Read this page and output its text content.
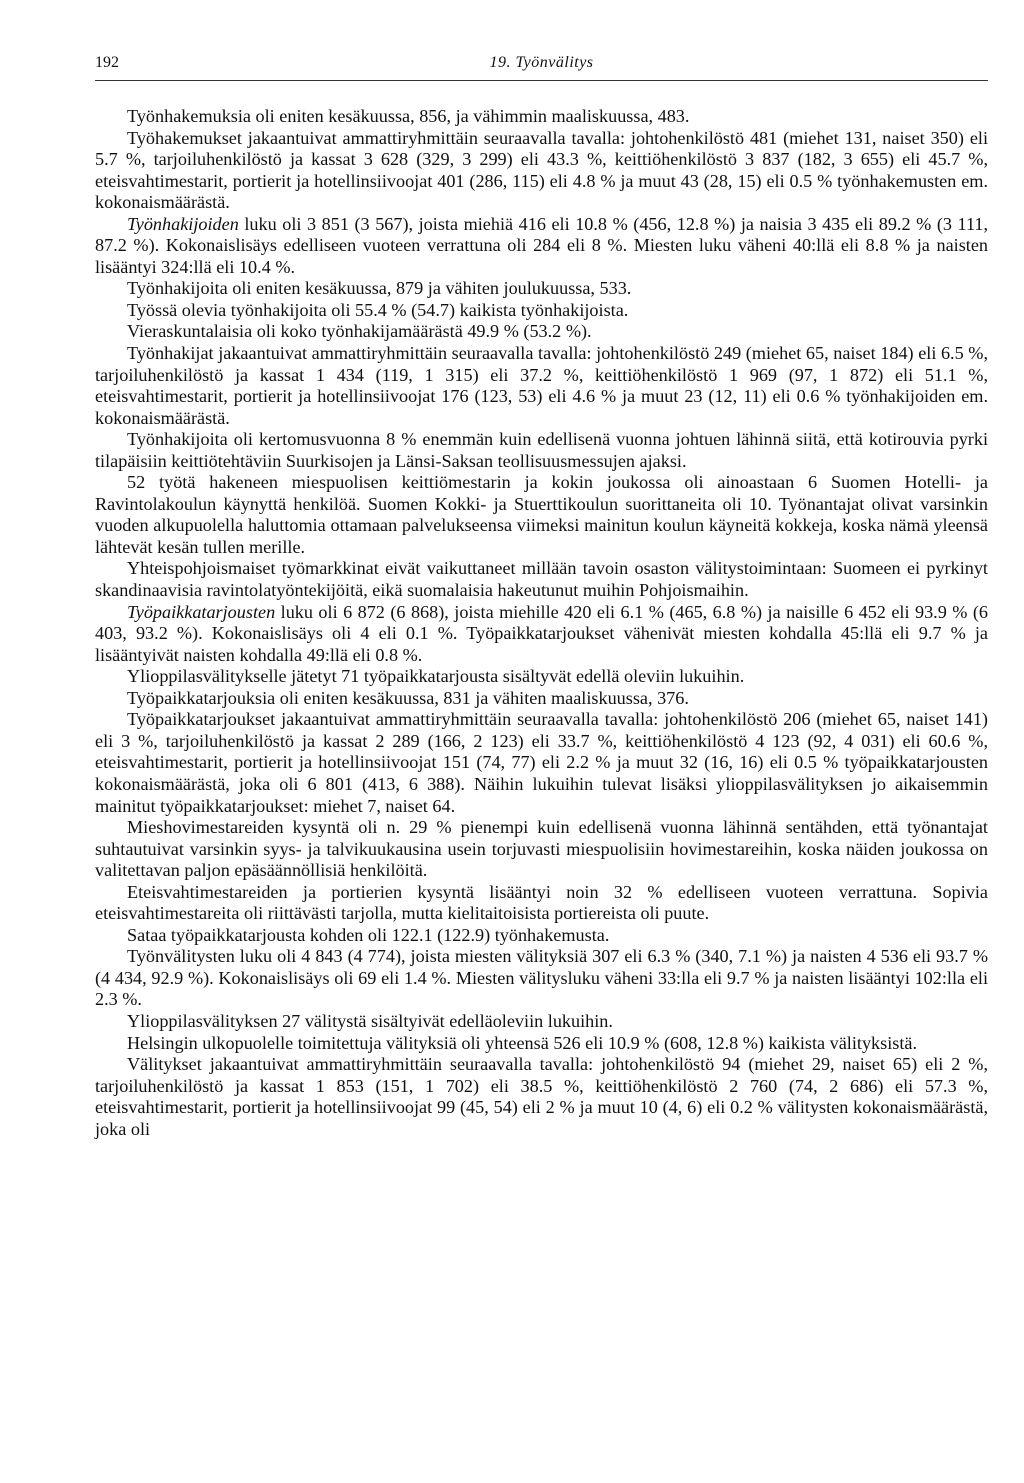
192	19. Työnvälitys

Työnhakemuksia oli eniten kesäkuussa, 856, ja vähimmin maaliskuussa, 483.

Työhakemukset jakaantuivat ammattiryhmittäin seuraavalla tavalla: johtohenkilöstö 481 (miehet 131, naiset 350) eli 5.7 %, tarjoiluhenkilöstö ja kassat 3 628 (329, 3 299) eli 43.3 %, keittiöhenkilöstö 3 837 (182, 3 655) eli 45.7 %, eteisvahtimestarit, portierit ja hotellinsiivoojat 401 (286, 115) eli 4.8 % ja muut 43 (28, 15) eli 0.5 % työnhakemusten em. kokonaismäärästä.

Työnhakijoiden luku oli 3 851 (3 567), joista miehiä 416 eli 10.8 % (456, 12.8 %) ja naisia 3 435 eli 89.2 % (3 111, 87.2 %). Kokonaislisäys edelliseen vuoteen verrattuna oli 284 eli 8 %. Miesten luku väheni 40:llä eli 8.8 % ja naisten lisääntyi 324:llä eli 10.4 %.

Työnhakijoita oli eniten kesäkuussa, 879 ja vähiten joulukuussa, 533.

Työssä olevia työnhakijoita oli 55.4 % (54.7) kaikista työnhakijoista.

Vieraskuntalaisia oli koko työnhakijamäärästä 49.9 % (53.2 %).

Työnhakijat jakaantuivat ammattiryhmittäin seuraavalla tavalla: johtohenkilöstö 249 (miehet 65, naiset 184) eli 6.5 %, tarjoiluhenkilöstö ja kassat 1 434 (119, 1 315) eli 37.2 %, keittiöhenkilöstö 1 969 (97, 1 872) eli 51.1 %, eteisvahtimestarit, portierit ja hotellinsiivoojat 176 (123, 53) eli 4.6 % ja muut 23 (12, 11) eli 0.6 % työnhakijoiden em. kokonaismäärästä.

Työnhakijoita oli kertomusvuonna 8 % enemmän kuin edellisenä vuonna johtuen lähinnä siitä, että kotirouvia pyrki tilapäisiin keittiötehtäviin Suurkisojen ja Länsi-Saksan teollisuusmessujen ajaksi.

52 työtä hakeneen miespuolisen keittiömestarin ja kokin joukossa oli ainoastaan 6 Suomen Hotelli- ja Ravintolakoulun käynyttä henkilöä. Suomen Kokki- ja Stuerttikoulun suorittaneita oli 10. Työnantajat olivat varsinkin vuoden alkupuolella haluttomia ottamaan palvelukseensa viimeksi mainitun koulun käyneitä kokkeja, koska nämä yleensä lähtevät kesän tullen merille.

Yhteispohjoismaiset työmarkkinat eivät vaikuttaneet millään tavoin osaston välitystoimintaan: Suomeen ei pyrkinyt skandinaavisia ravintolatyöntekijöitä, eikä suomalaisia hakeutunut muihin Pohjoismaihin.

Työpaikkatarjousten luku oli 6 872 (6 868), joista miehille 420 eli 6.1 % (465, 6.8 %) ja naisille 6 452 eli 93.9 % (6 403, 93.2 %). Kokonaislisäys oli 4 eli 0.1 %. Työpaikkatarjoukset vähenivät miesten kohdalla 45:llä eli 9.7 % ja lisääntyivät naisten kohdalla 49:llä eli 0.8 %.

Ylioppilasvälitykselle jätetyt 71 työpaikkatarjousta sisältyvät edellä oleviin lukuihin.

Työpaikkatarjouksia oli eniten kesäkuussa, 831 ja vähiten maaliskuussa, 376.

Työpaikkatarjoukset jakaantuivat ammattiryhmittäin seuraavalla tavalla: johtohenkilöstö 206 (miehet 65, naiset 141) eli 3 %, tarjoiluhenkilöstö ja kassat 2 289 (166, 2 123) eli 33.7 %, keittiöhenkilöstö 4 123 (92, 4 031) eli 60.6 %, eteisvahtimestarit, portierit ja hotellinsiivoojat 151 (74, 77) eli 2.2 % ja muut 32 (16, 16) eli 0.5 % työpaikkatarjousten kokonaismäärästä, joka oli 6 801 (413, 6 388). Näihin lukuihin tulevat lisäksi ylioppilasvälityksen jo aikaisemmin mainitut työpaikkatarjoukset: miehet 7, naiset 64.

Mieshovimestareiden kysyntä oli n. 29 % pienempi kuin edellisenä vuonna lähinnä sentähden, että työnantajat suhtautuivat varsinkin syys- ja talvikuukausina usein torjuvasti miespuolisiin hovimestareihin, koska näiden joukossa on valitettavan paljon epäsäännöllisiä henkilöitä.

Eteisvahtimestareiden ja portierien kysyntä lisääntyi noin 32 % edelliseen vuoteen verrattuna. Sopivia eteisvahtimestareita oli riittävästi tarjolla, mutta kielitaitoisista portiereista oli puute.

Sataa työpaikkatarjousta kohden oli 122.1 (122.9) työnhakemusta.

Työnvälitysten luku oli 4 843 (4 774), joista miesten välityksiä 307 eli 6.3 % (340, 7.1 %) ja naisten 4 536 eli 93.7 % (4 434, 92.9 %). Kokonaislisäys oli 69 eli 1.4 %. Miesten välitysluku väheni 33:lla eli 9.7 % ja naisten lisääntyi 102:lla eli 2.3 %.

Ylioppilasvälityksen 27 välitystä sisältyivät edelläoleviin lukuihin.

Helsingin ulkopuolelle toimitettuja välityksiä oli yhteensä 526 eli 10.9 % (608, 12.8 %) kaikista välityksistä.

Välitykset jakaantuivat ammattiryhmittäin seuraavalla tavalla: johtohenkilöstö 94 (miehet 29, naiset 65) eli 2 %, tarjoiluhenkilöstö ja kassat 1 853 (151, 1 702) eli 38.5 %, keittiöhenkilöstö 2 760 (74, 2 686) eli 57.3 %, eteisvahtimestarit, portierit ja hotellinsiivoojat 99 (45, 54) eli 2 % ja muut 10 (4, 6) eli 0.2 % välitysten kokonaismäärästä, joka oli
